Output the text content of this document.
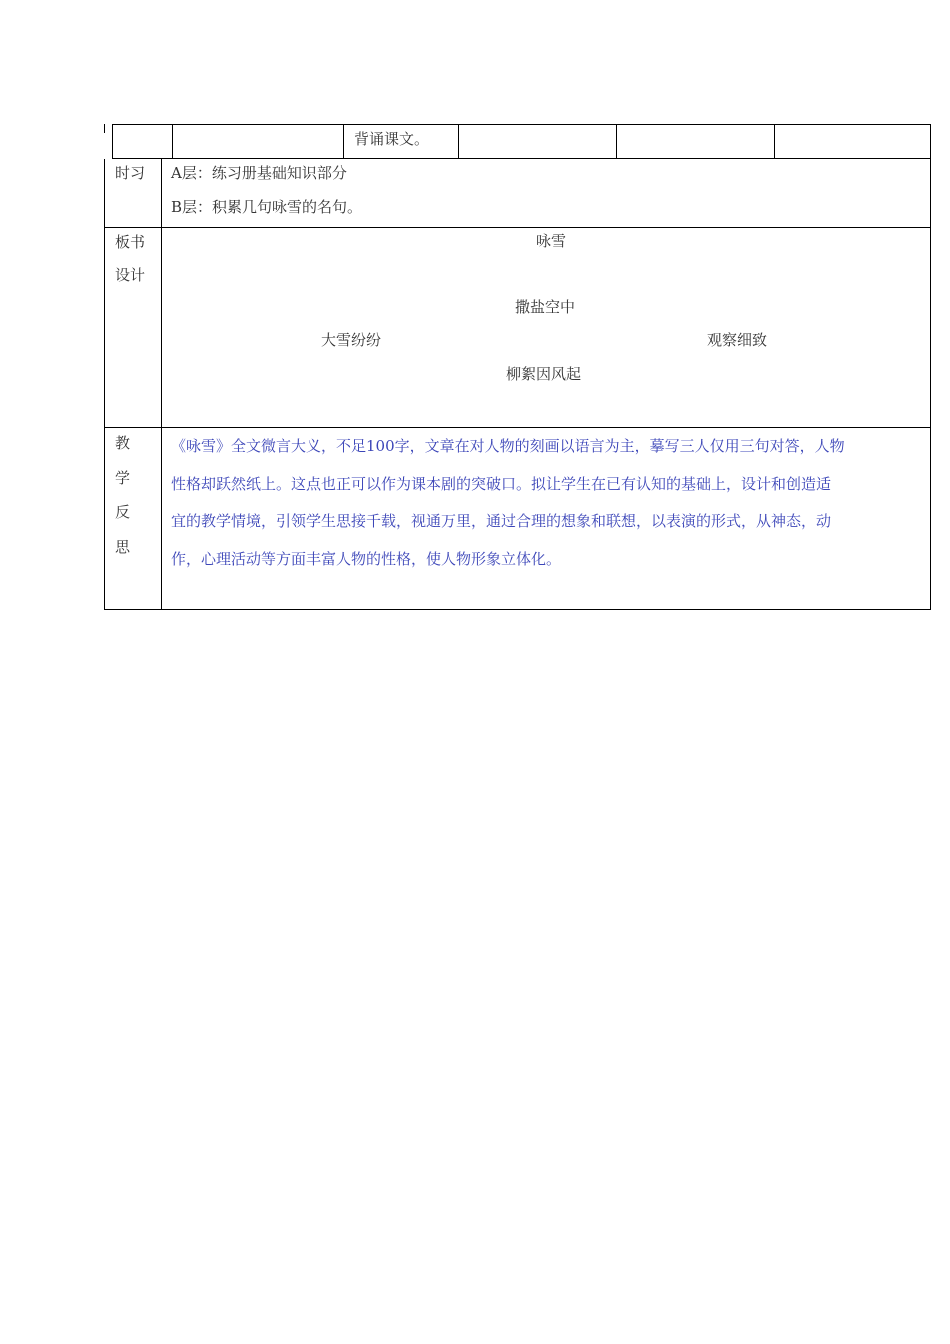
背诵课文。
时习 A层：练习册基础知识部分
B层：积累几句咏雪的名句。
板书
设计
咏雪
撒盐空中
大雪纷纷	观察细致
柳絮因风起
教
学
反
思
《咏雪》全文微言大义，不足100字，文章在对人物的刻画以语言为主，摹写三人仅用三句对答，人物
性格却跃然纸上。这点也正可以作为课本剧的突破口。拟让学生在已有认知的基础上，设计和创造适
宜的教学情境，引领学生思接千载，视通万里，通过合理的想象和联想，以表演的形式，从神态，动
作，心理活动等方面丰富人物的性格，使人物形象立体化。
